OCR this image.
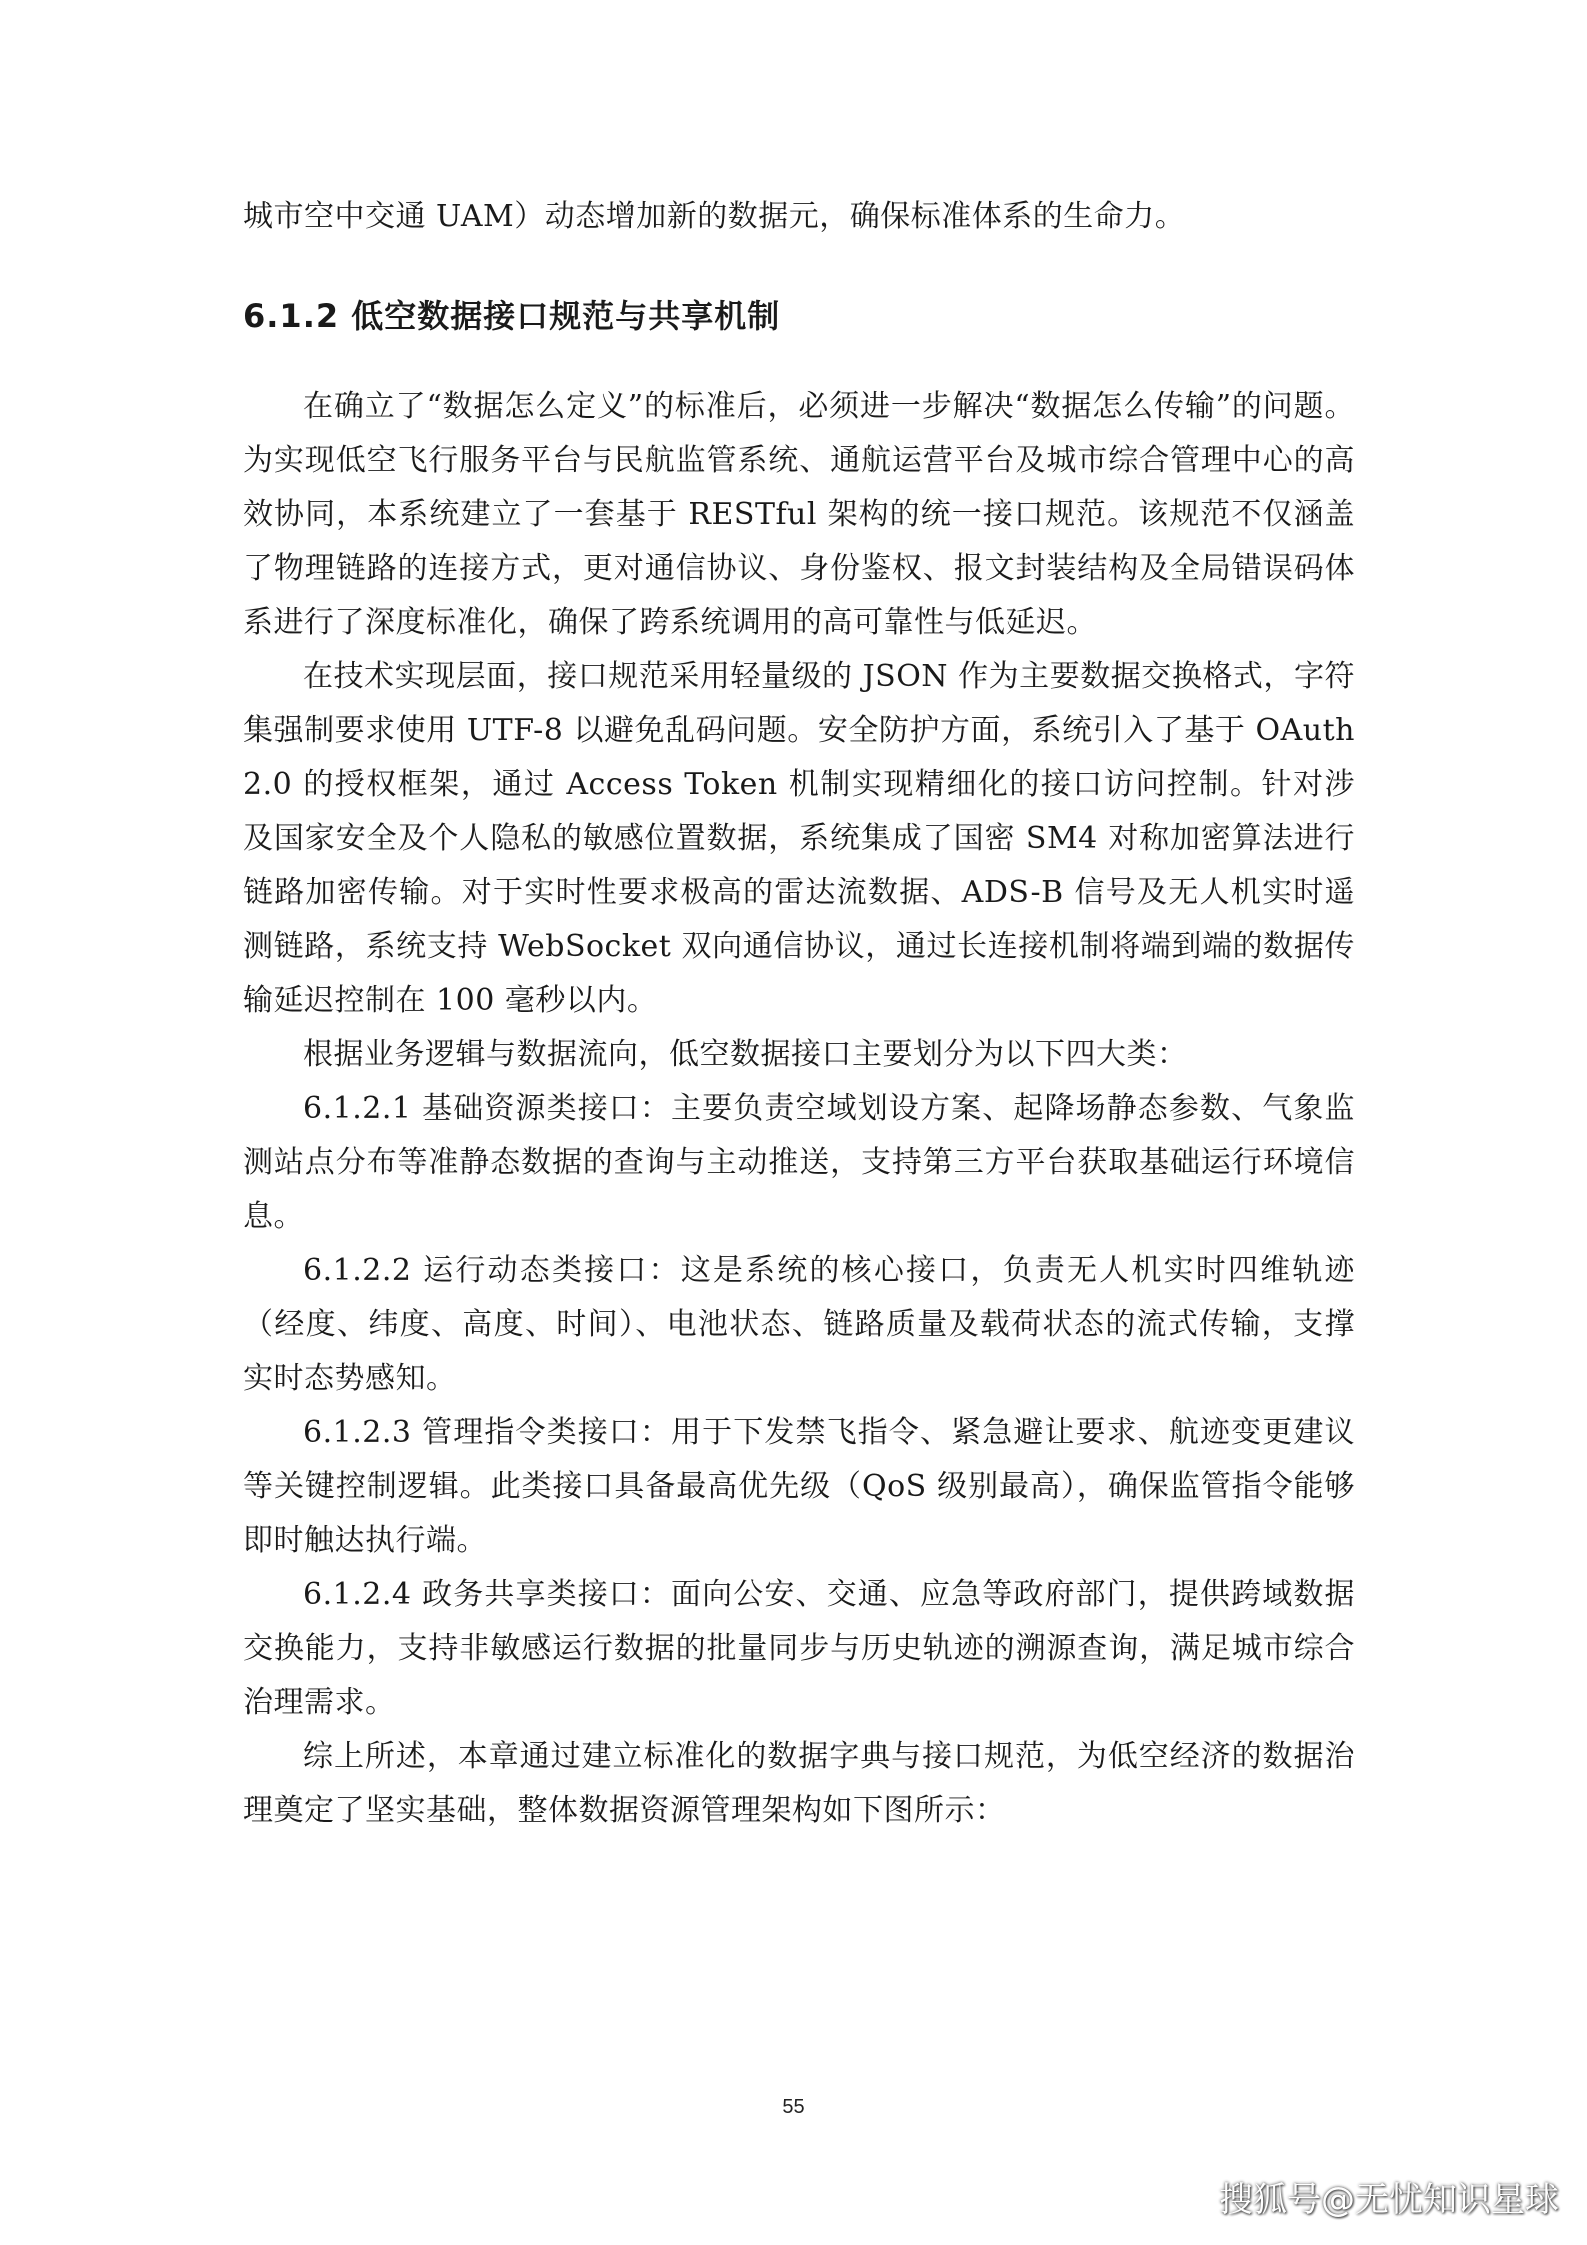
城市空中交通 UAM）动态增加新的数据元，确保标准体系的生命力。

6.1.2 低空数据接口规范与共享机制

在确立了“数据怎么定义”的标准后，必须进一步解决“数据怎么传输”的问题。为实现低空飞行服务平台与民航监管系统、通航运营平台及城市综合管理中心的高效协同，本系统建立了一套基于 RESTful 架构的统一接口规范。该规范不仅涵盖了物理链路的连接方式，更对通信协议、身份鉴权、报文封装结构及全局错误码体系进行了深度标准化，确保了跨系统调用的高可靠性与低延迟。

在技术实现层面，接口规范采用轻量级的 JSON 作为主要数据交换格式，字符集强制要求使用 UTF-8 以避免乱码问题。安全防护方面，系统引入了基于 OAuth 2.0 的授权框架，通过 Access Token 机制实现精细化的接口访问控制。针对涉及国家安全及个人隐私的敏感位置数据，系统集成了国密 SM4 对称加密算法进行链路加密传输。对于实时性要求极高的雷达流数据、ADS-B 信号及无人机实时遥测链路，系统支持 WebSocket 双向通信协议，通过长连接机制将端到端的数据传输延迟控制在 100 毫秒以内。

根据业务逻辑与数据流向，低空数据接口主要划分为以下四大类：

6.1.2.1 基础资源类接口：主要负责空域划设方案、起降场静态参数、气象监测站点分布等准静态数据的查询与主动推送，支持第三方平台获取基础运行环境信息。

6.1.2.2 运行动态类接口：这是系统的核心接口，负责无人机实时四维轨迹（经度、纬度、高度、时间）、电池状态、链路质量及载荷状态的流式传输，支撑实时态势感知。

6.1.2.3 管理指令类接口：用于下发禁飞指令、紧急避让要求、航迹变更建议等关键控制逻辑。此类接口具备最高优先级（QoS 级别最高），确保监管指令能够即时触达执行端。

6.1.2.4 政务共享类接口：面向公安、交通、应急等政府部门，提供跨域数据交换能力，支持非敏感运行数据的批量同步与历史轨迹的溯源查询，满足城市综合治理需求。

综上所述，本章通过建立标准化的数据字典与接口规范，为低空经济的数据治理奠定了坚实基础，整体数据资源管理架构如下图所示：

55
搜狐号@无忧知识星球
